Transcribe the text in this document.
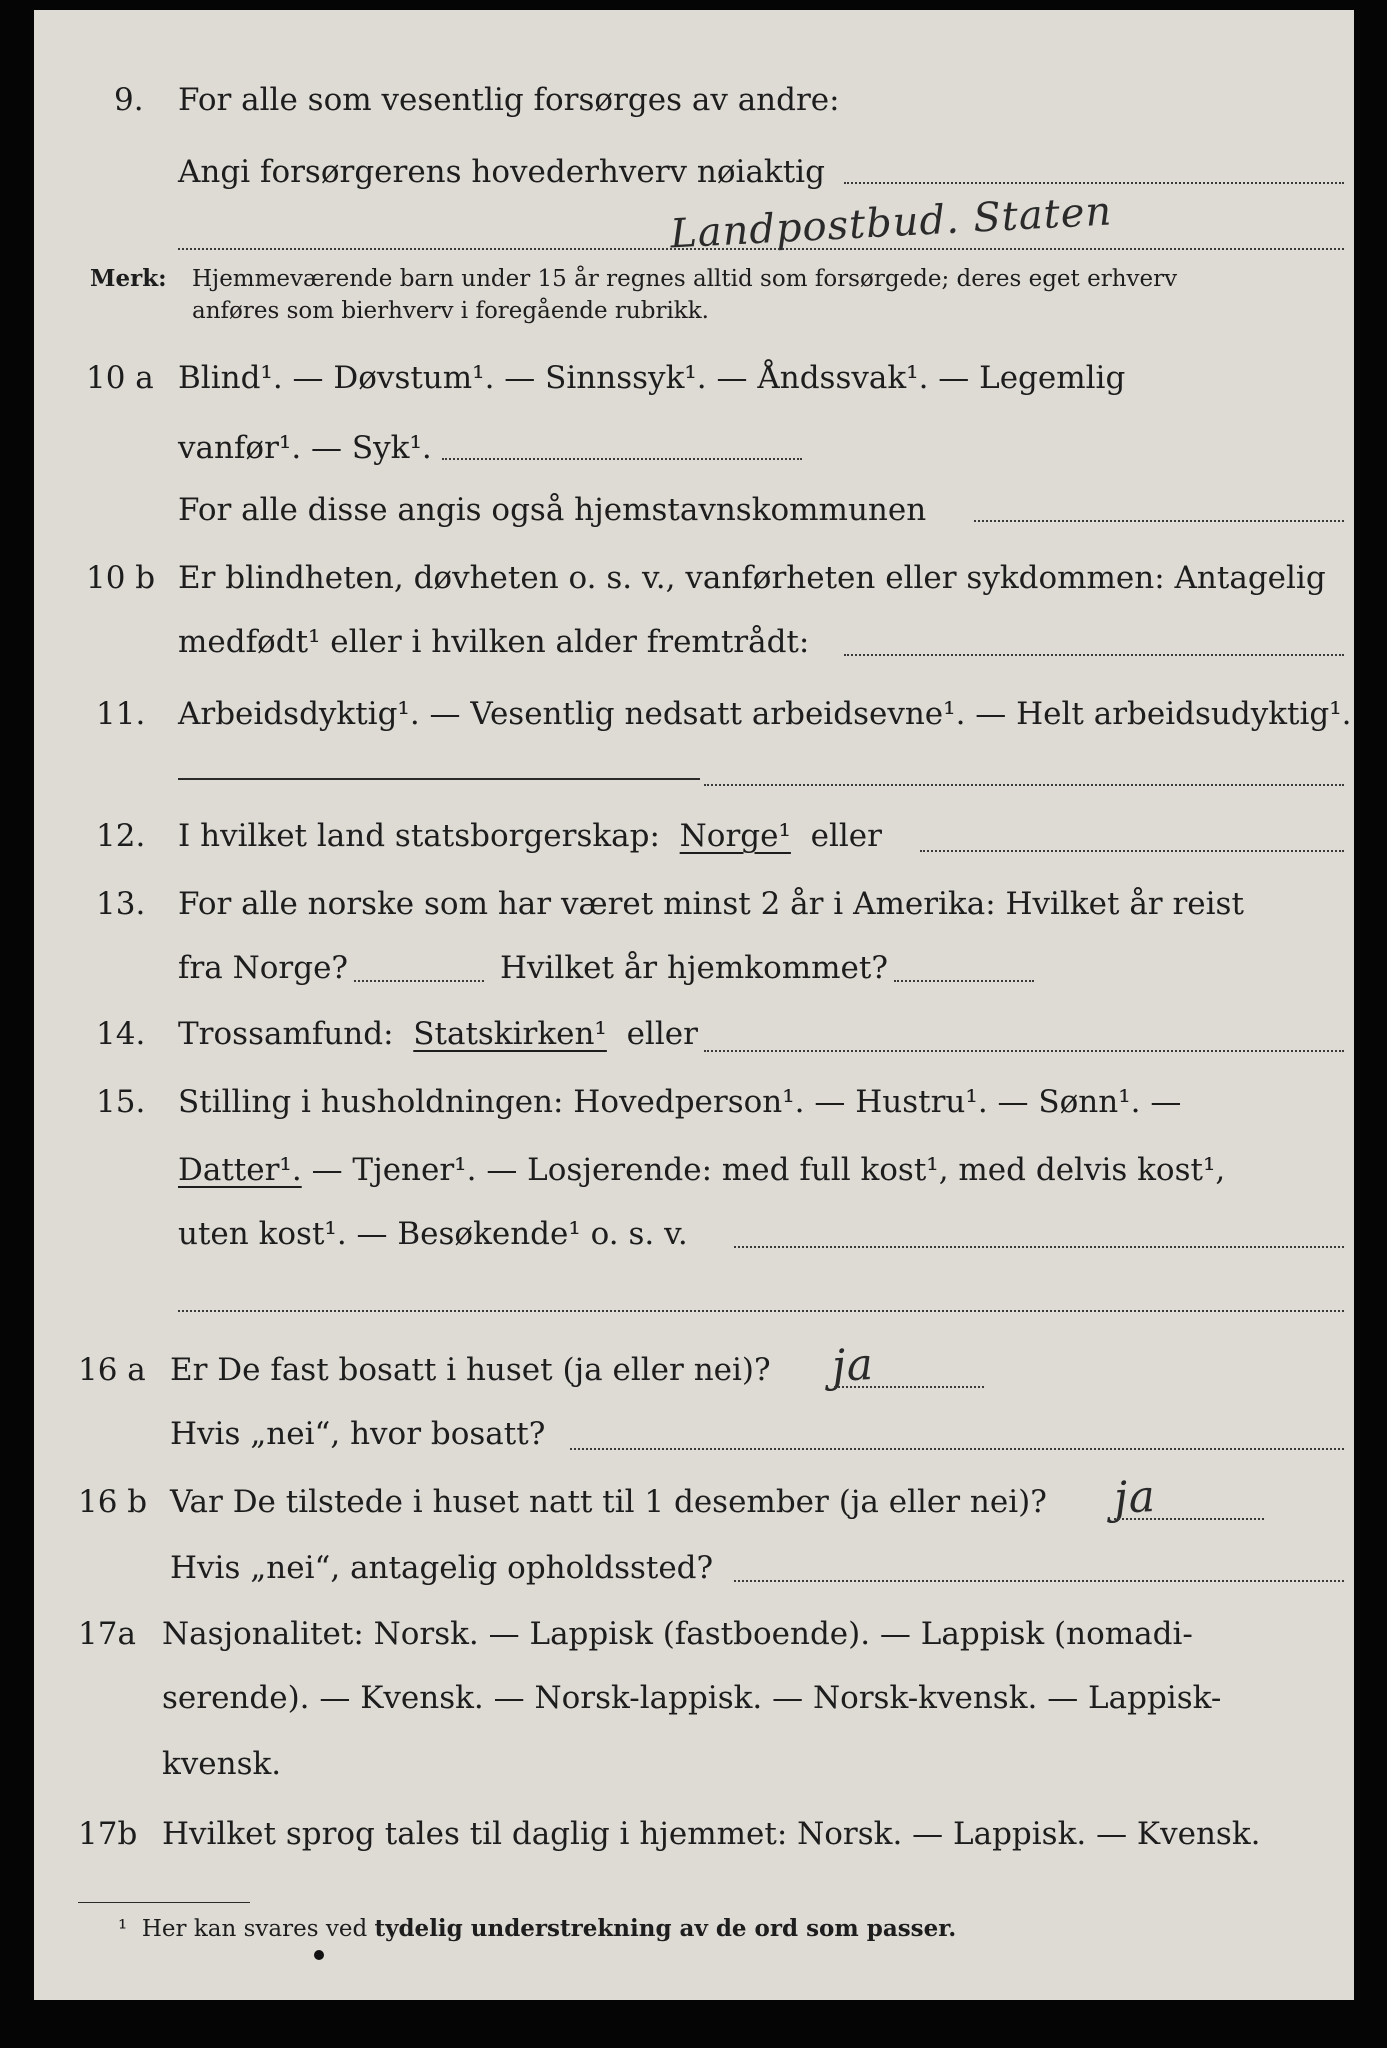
9. For alle som vesentlig forsørges av andre:
Angi forsørgerens hovederhverv nøiaktig
Landpostbud. Staten
Merk: Hjemmeværende barn under 15 år regnes alltid som forsørgede; deres eget erhverv
anføres som bierhverv i foregående rubrikk.
10 a Blind¹. — Døvstum¹. — Sinnssyk¹. — Åndssvak¹. — Legemlig
vanfør¹. — Syk¹.
For alle disse angis også hjemstavnskommunen
10 b Er blindheten, døvheten o. s. v., vanførheten eller sykdommen: Antagelig
medfødt¹ eller i hvilken alder fremtrådt:
11. Arbeidsdyktig¹. — Vesentlig nedsatt arbeidsevne¹. — Helt arbeidsudyktig¹.
12. I hvilket land statsborgerskap: Norge¹ eller
13. For alle norske som har været minst 2 år i Amerika: Hvilket år reist
fra Norge?	Hvilket år hjemkommet?
14. Trossamfund: Statskirken¹ eller
15. Stilling i husholdningen: Hovedperson¹. — Hustru¹. — Sønn¹. —
Datter¹. — Tjener¹. — Losjerende: med full kost¹, med delvis kost¹,
uten kost¹. — Besøkende¹ o. s. v.
16 a Er De fast bosatt i huset (ja eller nei)? ja
Hvis „nei“, hvor bosatt?
16 b Var De tilstede i huset natt til 1 desember (ja eller nei)? ja
Hvis „nei“, antagelig opholdssted?
17a Nasjonalitet: Norsk. — Lappisk (fastboende). — Lappisk (nomadi-
serende). — Kvensk. — Norsk-lappisk. — Norsk-kvensk. — Lappisk-
kvensk.
17b Hvilket sprog tales til daglig i hjemmet: Norsk. — Lappisk. — Kvensk.
¹ Her kan svares ved tydelig understrekning av de ord som passer.
